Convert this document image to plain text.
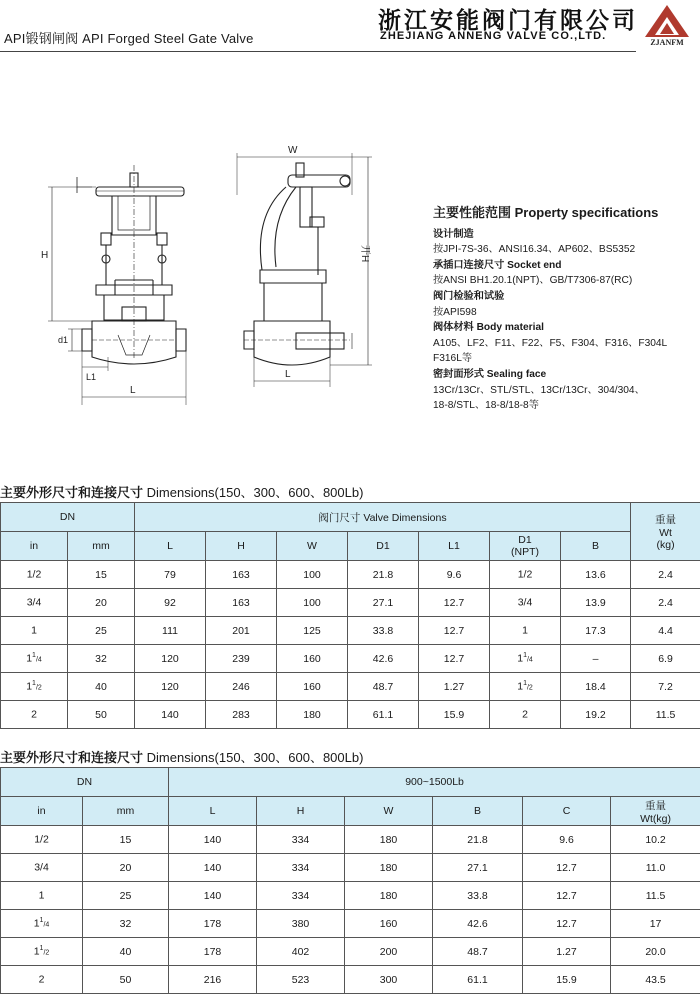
API锻钢闸阀 API Forged Steel Gate Valve
浙江安能阀门有限公司
ZHEJIANG ANNENG VALVE CO.,LTD.
ZJANFM
H
d1
L1
L
W
开H
L
主要性能范围 Property specifications
设计制造
按JPI-7S-36、ANSI16.34、AP602、BS5352
承插口连接尺寸 Socket end
按ANSI BH1.20.1(NPT)、GB/T7306-87(RC)
阀门检验和试验
按API598
阀体材料 Body material
A105、LF2、F11、F22、F5、F304、F316、F304L
F316L等
密封面形式 Sealing face
13Cr/13Cr、STL/STL、13Cr/13Cr、304/304、
18-8/STL、18-8/18-8等
主要外形尺寸和连接尺寸 Dimensions(150、300、600、800Lb)
DN		阀门尺寸 Valve Dimensions							重量
Wt
(kg)
in	mm	L	H	W	D1	L1	D1
(NPT)	B	
1/2	15	79	163	100	21.8	9.6	1/2	13.6	2.4
3/4	20	92	163	100	27.1	12.7	3/4	13.9	2.4
1	25	111	201	125	33.8	12.7	1	17.3	4.4
$1^1/4$	32	120	239	160	42.6	12.7	$1^1/4$	–	6.9
$1^1/2$	40	120	246	160	48.7	1.27	$1^1/2$	18.4	7.2
2	50	140	283	180	61.1	15.9	2	19.2	11.5
主要外形尺寸和连接尺寸 Dimensions(150、300、600、800Lb)
DN		900~1500Lb					
in	mm	L	H	W	B	C	重量
Wt(kg)
1/2	15	140	334	180	21.8	9.6	10.2
3/4	20	140	334	180	27.1	12.7	11.0
1	25	140	334	180	33.8	12.7	11.5
$1^1/4$	32	178	380	160	42.6	12.7	17
$1^1/2$	40	178	402	200	48.7	1.27	20.0
2	50	216	523	300	61.1	15.9	43.5
